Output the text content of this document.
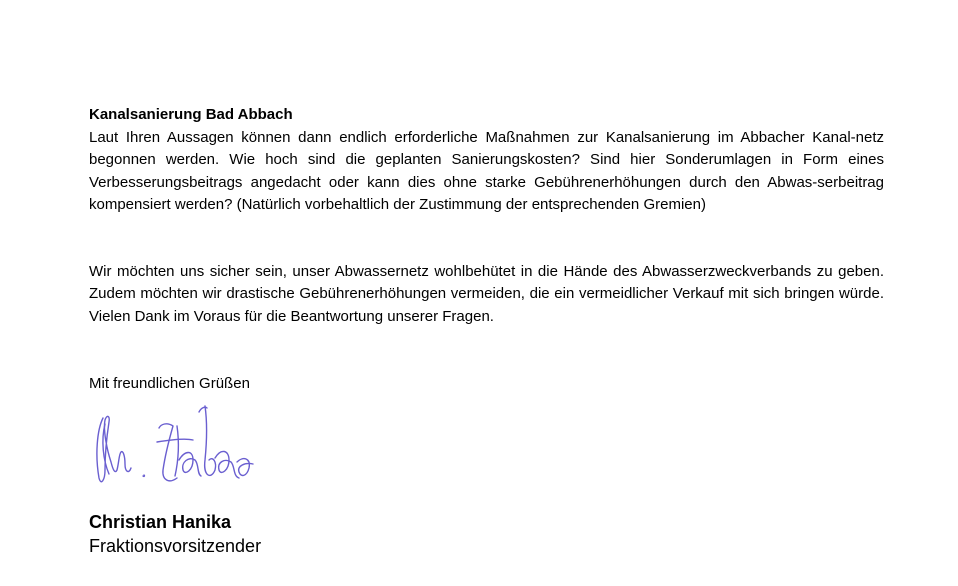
Kanalsanierung Bad Abbach

Laut Ihren Aussagen können dann endlich erforderliche Maßnahmen zur Kanalsanierung im Abbacher Kanal-netz begonnen werden. Wie hoch sind die geplanten Sanierungskosten? Sind hier Sonderumlagen in Form eines Verbesserungsbeitrags angedacht oder kann dies ohne starke Gebührenerhöhungen durch den Abwas-serbeitrag kompensiert werden? (Natürlich vorbehaltlich der Zustimmung der entsprechenden Gremien)

Wir möchten uns sicher sein, unser Abwassernetz wohlbehütet in die Hände des Abwasserzweckverbands zu geben. Zudem möchten wir drastische Gebührenerhöhungen vermeiden, die ein vermeidlicher Verkauf mit sich bringen würde. Vielen Dank im Voraus für die Beantwortung unserer Fragen.

Mit freundlichen Grüßen
Christian Hanika
Fraktionsvorsitzender
